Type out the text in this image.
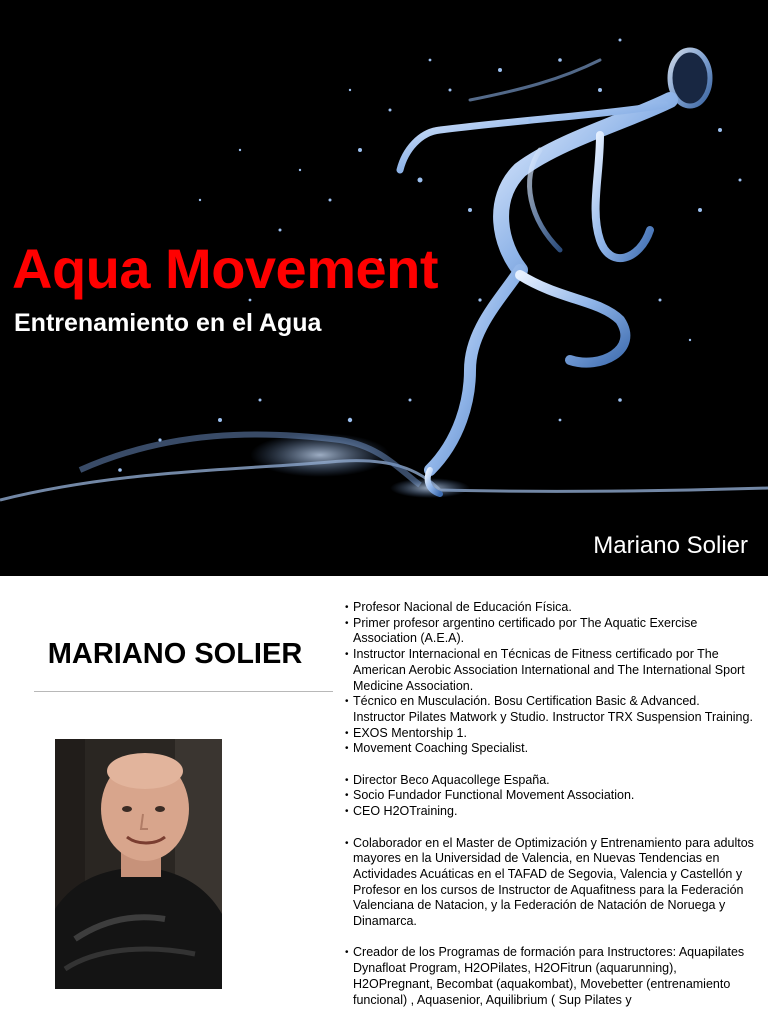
Aqua Movement
Entrenamiento en el Agua
Mariano Solier
MARIANO SOLIER
• Profesor Nacional de Educación Física.
• Primer profesor argentino certificado por The Aquatic Exercise Association (A.E.A).
• Instructor Internacional en Técnicas de Fitness certificado por The American Aerobic Association International and The International Sport Medicine Association.
• Técnico en Musculación. Bosu Certification Basic & Advanced. Instructor Pilates Matwork y Studio. Instructor TRX Suspension Training.
• EXOS Mentorship 1.
• Movement Coaching Specialist.
• Director Beco Aquacollege España.
• Socio Fundador Functional Movement Association.
• CEO H2OTraining.
• Colaborador en el Master de Optimización y Entrenamiento para adultos mayores en la Universidad de Valencia, en Nuevas Tendencias en Actividades Acuáticas en el TAFAD de Segovia, Valencia y Castellón y Profesor en los cursos de Instructor de Aquafitness para la Federación Valenciana de Natacion, y la Federación de Natación de Noruega y Dinamarca.
• Creador de los Programas de formación para Instructores: Aquapilates Dynafloat Program, H2OPilates, H2OFitrun (aquarunning), H2OPregnant, Becombat (aquakombat), Movebetter (entrenamiento funcional) , Aquasenior, Aquilibrium ( Sup Pilates y
